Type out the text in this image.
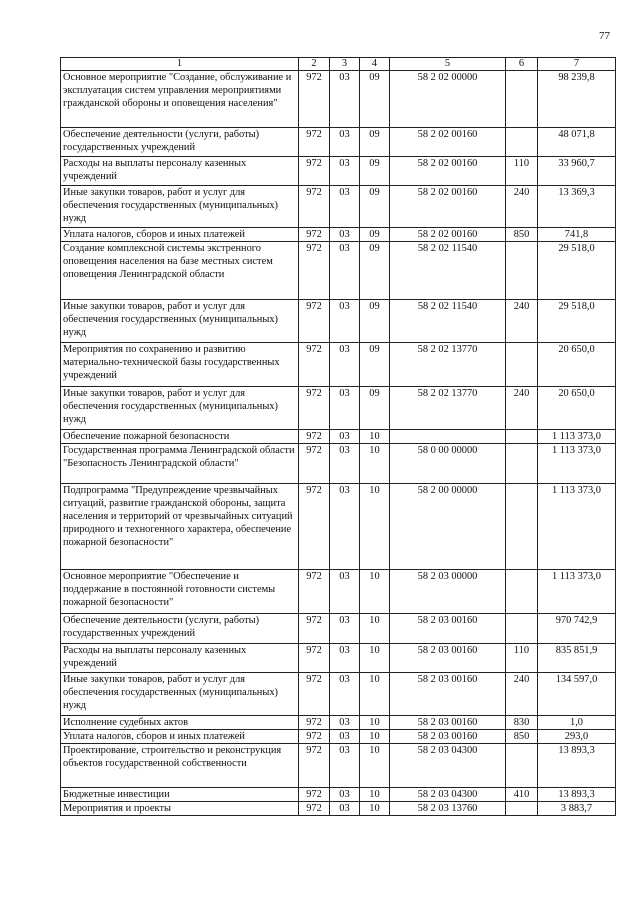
77
1	2	3	4	5	6	7
Основное мероприятие "Создание, обслуживание и эксплуатация систем управления мероприятиями гражданской обороны и оповещения населения"	972	03	09	58 2 02 00000		98 239,8
Обеспечение деятельности (услуги, работы) государственных учреждений	972	03	09	58 2 02 00160		48 071,8
Расходы на выплаты персоналу казенных учреждений	972	03	09	58 2 02 00160	110	33 960,7
Иные закупки товаров, работ и услуг для обеспечения государственных (муниципальных) нужд	972	03	09	58 2 02 00160	240	13 369,3
Уплата налогов, сборов и иных платежей	972	03	09	58 2 02 00160	850	741,8
Создание комплексной системы экстренного оповещения населения на базе местных систем оповещения Ленинградской области	972	03	09	58 2 02 11540		29 518,0
Иные закупки товаров, работ и услуг для обеспечения государственных (муниципальных) нужд	972	03	09	58 2 02 11540	240	29 518,0
Мероприятия по сохранению и развитию материально-технической базы государственных учреждений	972	03	09	58 2 02 13770		20 650,0
Иные закупки товаров, работ и услуг для обеспечения государственных (муниципальных) нужд	972	03	09	58 2 02 13770	240	20 650,0
Обеспечение пожарной безопасности	972	03	10			1 113 373,0
Государственная программа Ленинградской области "Безопасность Ленинградской области"	972	03	10	58 0 00 00000		1 113 373,0
Подпрограмма "Предупреждение чрезвычайных ситуаций, развитие гражданской обороны, защита населения и территорий от чрезвычайных ситуаций природного и техногенного характера, обеспечение пожарной безопасности"	972	03	10	58 2 00 00000		1 113 373,0
Основное мероприятие "Обеспечение и поддержание в постоянной готовности системы пожарной безопасности"	972	03	10	58 2 03 00000		1 113 373,0
Обеспечение деятельности (услуги, работы) государственных учреждений	972	03	10	58 2 03 00160		970 742,9
Расходы на выплаты персоналу казенных учреждений	972	03	10	58 2 03 00160	110	835 851,9
Иные закупки товаров, работ и услуг для обеспечения государственных (муниципальных) нужд	972	03	10	58 2 03 00160	240	134 597,0
Исполнение судебных актов	972	03	10	58 2 03 00160	830	1,0
Уплата налогов, сборов и иных платежей	972	03	10	58 2 03 00160	850	293,0
Проектирование, строительство и реконструкция объектов государственной собственности	972	03	10	58 2 03 04300		13 893,3
Бюджетные инвестиции	972	03	10	58 2 03 04300	410	13 893,3
Мероприятия и проекты	972	03	10	58 2 03 13760		3 883,7
